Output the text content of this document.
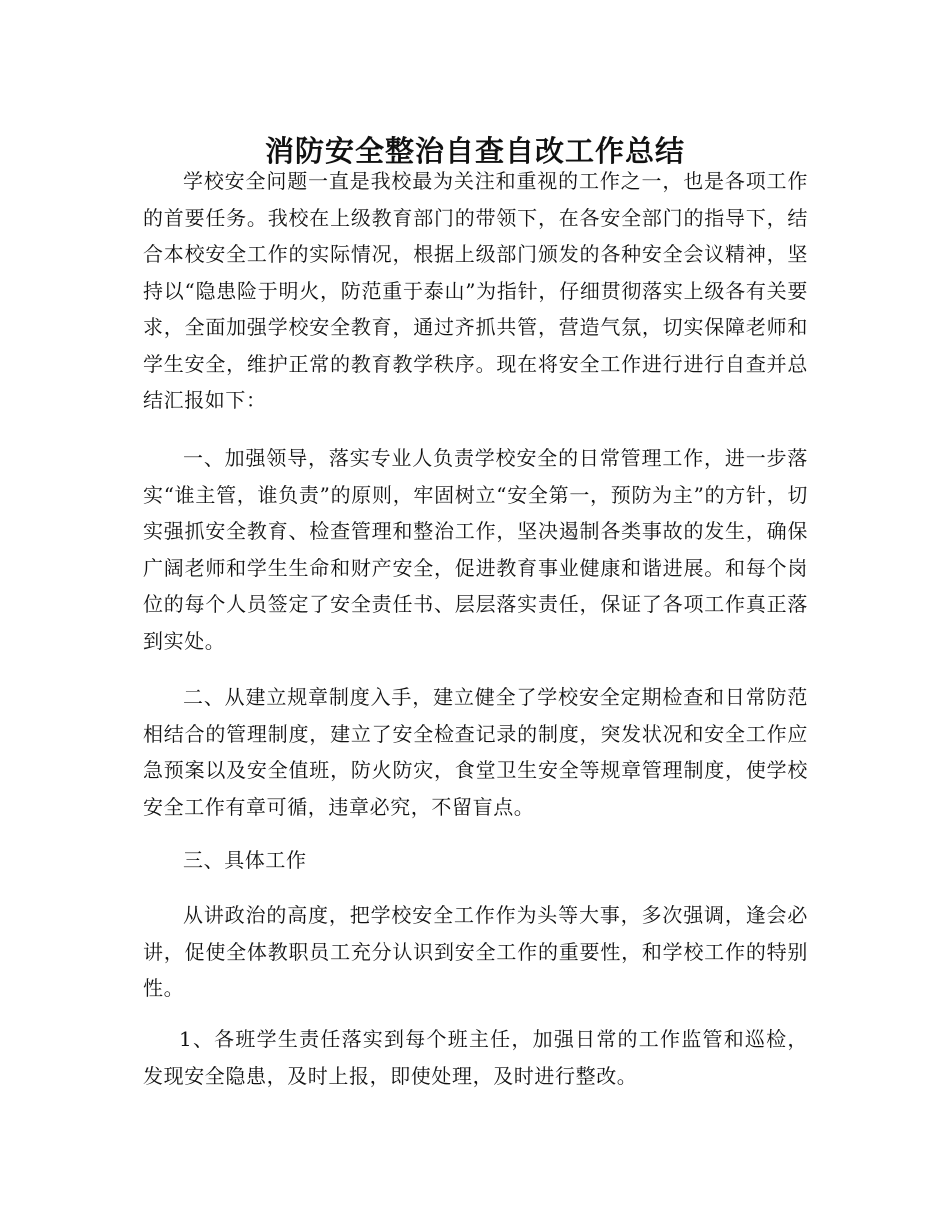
消防安全整治自查自改工作总结

学校安全问题一直是我校最为关注和重视的工作之一，也是各项工作的首要任务。我校在上级教育部门的带领下，在各安全部门的指导下，结合本校安全工作的实际情况，根据上级部门颁发的各种安全会议精神，坚持以“隐患险于明火，防范重于泰山”为指针，仔细贯彻落实上级各有关要求，全面加强学校安全教育，通过齐抓共管，营造气氛，切实保障老师和学生安全，维护正常的教育教学秩序。现在将安全工作进行进行自查并总结汇报如下：

一、加强领导，落实专业人负责学校安全的日常管理工作，进一步落实“谁主管，谁负责”的原则，牢固树立“安全第一，预防为主”的方针，切实强抓安全教育、检查管理和整治工作，坚决遏制各类事故的发生，确保广阔老师和学生生命和财产安全，促进教育事业健康和谐进展。和每个岗位的每个人员签定了安全责任书、层层落实责任，保证了各项工作真正落到实处。

二、从建立规章制度入手，建立健全了学校安全定期检查和日常防范相结合的管理制度，建立了安全检查记录的制度，突发状况和安全工作应急预案以及安全值班，防火防灾，食堂卫生安全等规章管理制度，使学校安全工作有章可循，违章必究，不留盲点。

三、具体工作

从讲政治的高度，把学校安全工作作为头等大事，多次强调，逢会必讲，促使全体教职员工充分认识到安全工作的重要性，和学校工作的特别性。

1、各班学生责任落实到每个班主任，加强日常的工作监管和巡检，发现安全隐患，及时上报，即使处理，及时进行整改。
